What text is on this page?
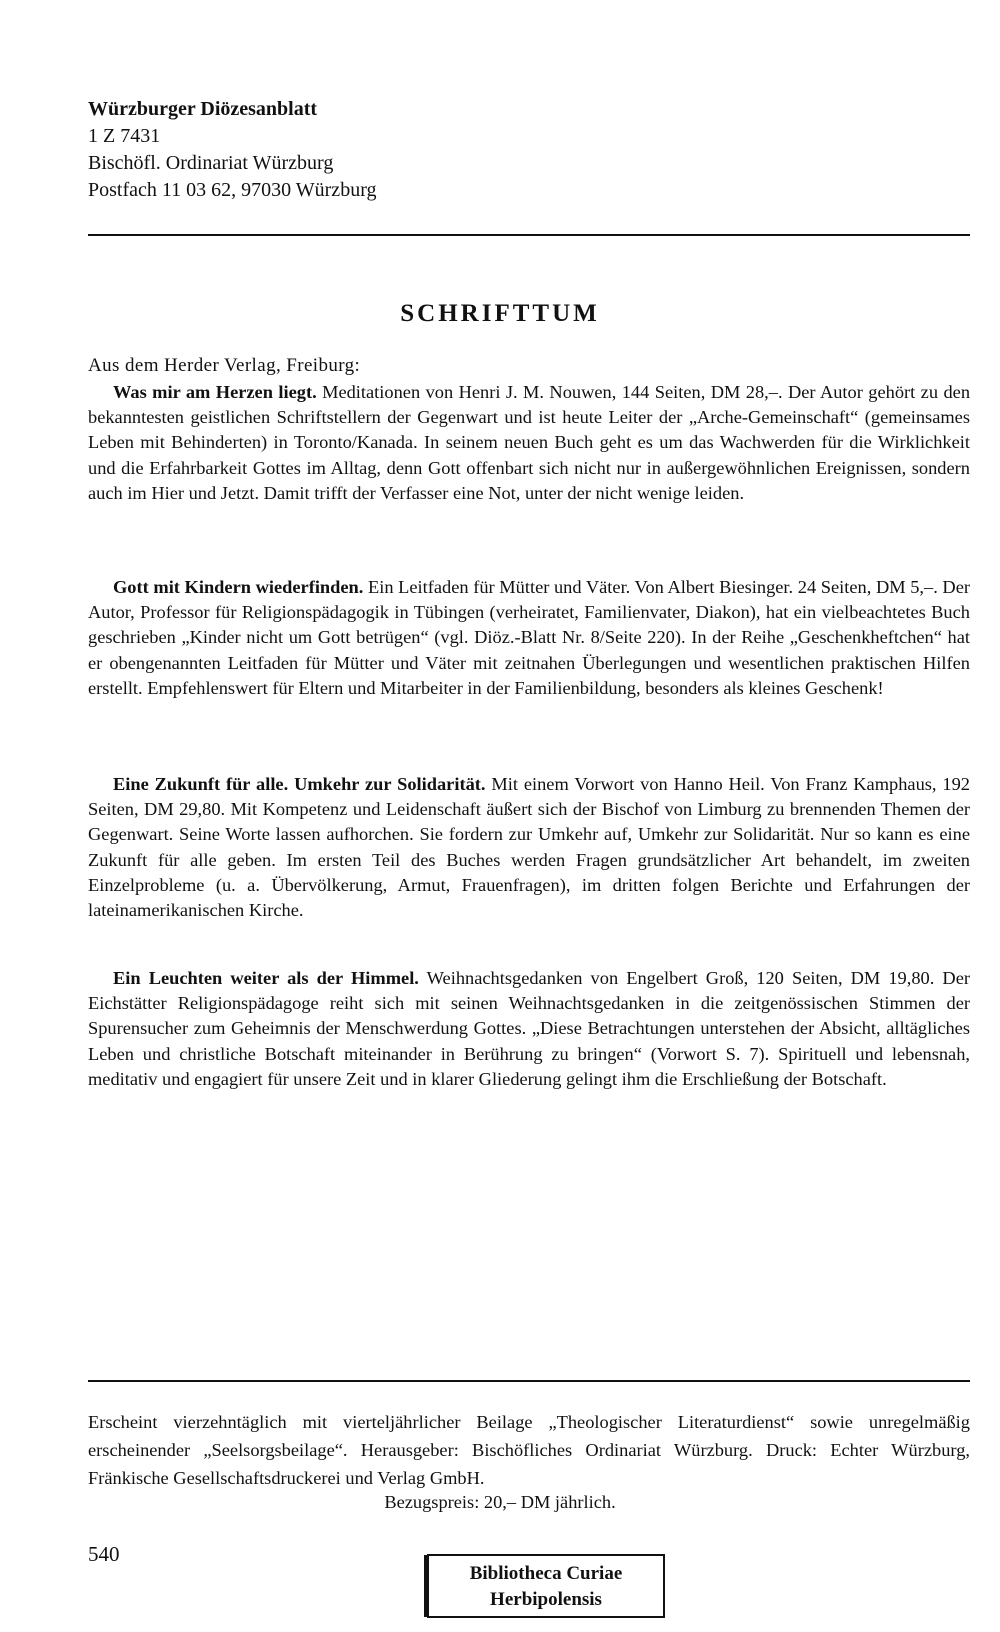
Würzburger Diözesanblatt

1 Z 7431

Bischöfl. Ordinariat Würzburg

Postfach 11 03 62, 97030 Würzburg

SCHRIFTTUM

Aus dem Herder Verlag, Freiburg:

Was mir am Herzen liegt. Meditationen von Henri J. M. Nouwen, 144 Seiten, DM 28,–. Der Autor gehört zu den bekanntesten geistlichen Schriftstellern der Gegenwart und ist heute Leiter der „Arche-Gemeinschaft“ (gemeinsames Leben mit Behinderten) in Toronto/Kanada. In seinem neuen Buch geht es um das Wachwerden für die Wirklichkeit und die Erfahrbarkeit Gottes im Alltag, denn Gott offenbart sich nicht nur in außergewöhnlichen Ereignissen, sondern auch im Hier und Jetzt. Damit trifft der Verfasser eine Not, unter der nicht wenige leiden.

Gott mit Kindern wiederfinden. Ein Leitfaden für Mütter und Väter. Von Albert Biesinger. 24 Seiten, DM 5,–. Der Autor, Professor für Religionspädagogik in Tübingen (verheiratet, Familienvater, Diakon), hat ein vielbeachtetes Buch geschrieben „Kinder nicht um Gott betrügen“ (vgl. Diöz.-Blatt Nr. 8/Seite 220). In der Reihe „Geschenkheftchen“ hat er obengenannten Leitfaden für Mütter und Väter mit zeitnahen Überlegungen und wesentlichen praktischen Hilfen erstellt. Empfehlenswert für Eltern und Mitarbeiter in der Familienbildung, besonders als kleines Geschenk!

Eine Zukunft für alle. Umkehr zur Solidarität. Mit einem Vorwort von Hanno Heil. Von Franz Kamphaus, 192 Seiten, DM 29,80. Mit Kompetenz und Leidenschaft äußert sich der Bischof von Limburg zu brennenden Themen der Gegenwart. Seine Worte lassen aufhorchen. Sie fordern zur Umkehr auf, Umkehr zur Solidarität. Nur so kann es eine Zukunft für alle geben. Im ersten Teil des Buches werden Fragen grundsätzlicher Art behandelt, im zweiten Einzelprobleme (u. a. Übervölkerung, Armut, Frauenfragen), im dritten folgen Berichte und Erfahrungen der lateinamerikanischen Kirche.

Ein Leuchten weiter als der Himmel. Weihnachtsgedanken von Engelbert Groß, 120 Seiten, DM 19,80. Der Eichstätter Religionspädagoge reiht sich mit seinen Weihnachtsgedanken in die zeitgenössischen Stimmen der Spurensucher zum Geheimnis der Menschwerdung Gottes. „Diese Betrachtungen unterstehen der Absicht, alltägliches Leben und christliche Botschaft miteinander in Berührung zu bringen“ (Vorwort S. 7). Spirituell und lebensnah, meditativ und engagiert für unsere Zeit und in klarer Gliederung gelingt ihm die Erschließung der Botschaft.

Erscheint vierzehntäglich mit vierteljährlicher Beilage „Theologischer Literaturdienst“ sowie unregelmäßig erscheinender „Seelsorgsbeilage“. Herausgeber: Bischöfliches Ordinariat Würzburg. Druck: Echter Würzburg, Fränkische Gesellschaftsdruckerei und Verlag GmbH.

Bezugspreis: 20,– DM jährlich.

540

Bibliotheca Curiae
Herbipolensis
